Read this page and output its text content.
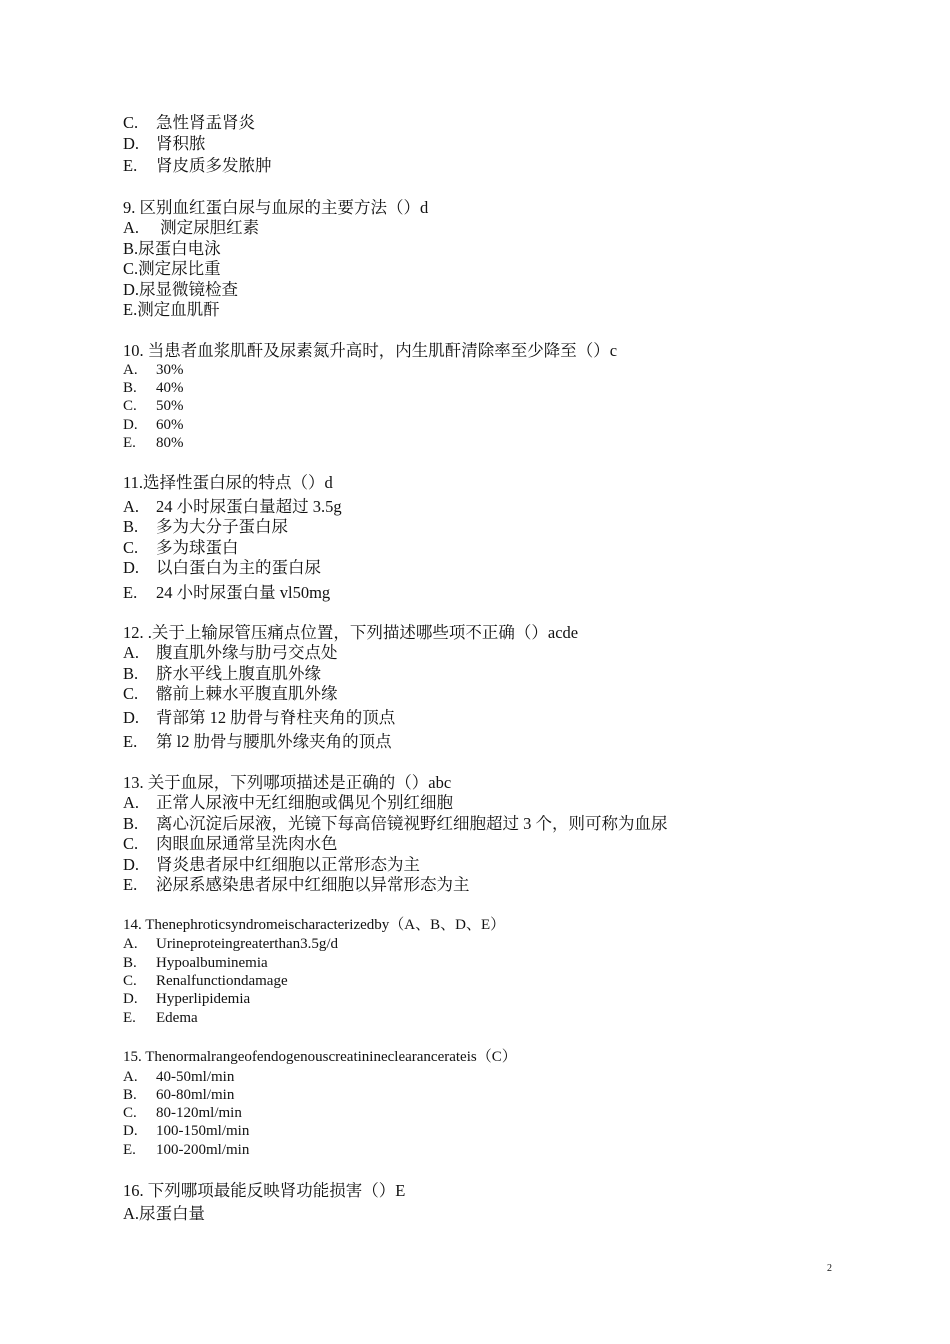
C. 急性肾盂肾炎
D. 肾积脓
E. 肾皮质多发脓肿
9. 区别血红蛋白尿与血尿的主要方法（）d
A. 测定尿胆红素
B.尿蛋白电泳
C.测定尿比重
D.尿显微镜检查
E.测定血肌酐
10. 当患者血浆肌酐及尿素氮升高时，内生肌酐清除率至少降至（）c
A. 30%
B. 40%
C. 50%
D. 60%
E. 80%
11.选择性蛋白尿的特点（）d
A. 24 小时尿蛋白量超过 3.5g
B. 多为大分子蛋白尿
C. 多为球蛋白
D. 以白蛋白为主的蛋白尿
E. 24 小时尿蛋白量 vl50mg
12. .关于上输尿管压痛点位置，下列描述哪些项不正确（）acde
A. 腹直肌外缘与肋弓交点处
B. 脐水平线上腹直肌外缘
C. 髂前上棘水平腹直肌外缘
D. 背部第 12 肋骨与脊柱夹角的顶点
E. 第 l2 肋骨与腰肌外缘夹角的顶点
13. 关于血尿，下列哪项描述是正确的（）abc
A. 正常人尿液中无红细胞或偶见个别红细胞
B. 离心沉淀后尿液，光镜下每高倍镜视野红细胞超过 3 个，则可称为血尿
C. 肉眼血尿通常呈洗肉水色
D. 肾炎患者尿中红细胞以正常形态为主
E. 泌尿系感染患者尿中红细胞以异常形态为主
14. Thenephroticsyndromeischaracterizedby（A、B、D、E）
A. Urineproteingreaterthan3.5g/d
B. Hypoalbuminemia
C. Renalfunctiondamage
D. Hyperlipidemia
E. Edema
15. Thenormalrangeofendogenouscreatinineclearancerateis（C）
A. 40-50ml/min
B. 60-80ml/min
C. 80-120ml/min
D. 100-150ml/min
E. 100-200ml/min
16. 下列哪项最能反映肾功能损害（）E
A.尿蛋白量
2
